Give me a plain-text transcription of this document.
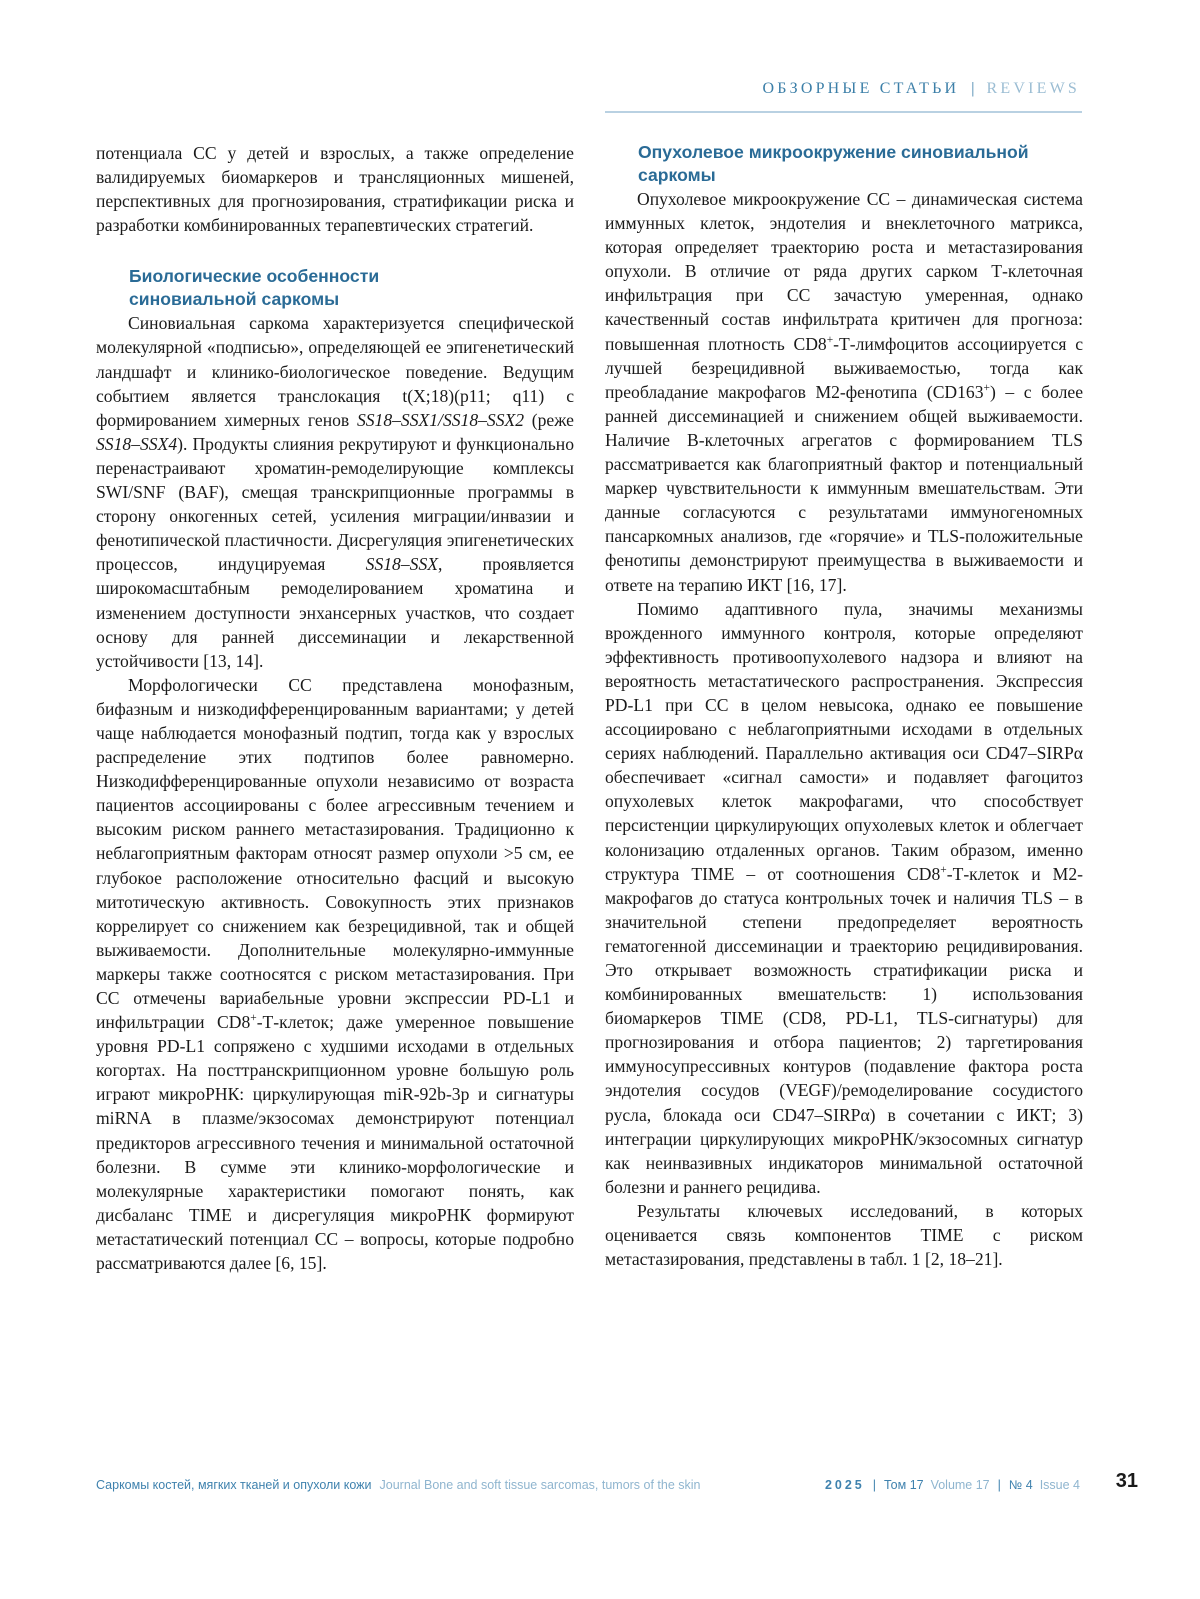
ОБЗОРНЫЕ СТАТЬИ | REVIEWS

потенциала СС у детей и взрослых, а также определение валидируемых биомаркеров и трансляционных мишеней, перспективных для прогнозирования, стратификации риска и разработки комбинированных терапевтических стратегий.

Биологические особенности
синовиальной саркомы

Синовиальная саркома характеризуется специфической молекулярной «подписью», определяющей ее эпигенетический ландшафт и клинико-биологическое поведение. Ведущим событием является транслокация t(X;18)(p11; q11) с формированием химерных генов SS18–SSX1/SS18–SSX2 (реже SS18–SSX4). Продукты слияния рекрутируют и функционально перенастраивают хроматин-ремоделирующие комплексы SWI/SNF (BAF), смещая транскрипционные программы в сторону онкогенных сетей, усиления миграции/инвазии и фенотипической пластичности. Дисрегуляция эпигенетических процессов, индуцируемая SS18–SSX, проявляется широкомасштабным ремоделированием хроматина и изменением доступности энхансерных участков, что создает основу для ранней диссеминации и лекарственной устойчивости [13, 14].

Морфологически СС представлена монофазным, бифазным и низкодифференцированным вариантами; у детей чаще наблюдается монофазный подтип, тогда как у взрослых распределение этих подтипов более равномерно. Низкодифференцированные опухоли независимо от возраста пациентов ассоциированы с более агрессивным течением и высоким риском раннего метастазирования. Традиционно к неблагоприятным факторам относят размер опухоли >5 см, ее глубокое расположение относительно фасций и высокую митотическую активность. Совокупность этих признаков коррелирует со снижением как безрецидивной, так и общей выживаемости. Дополнительные молекулярно-иммунные маркеры также соотносятся с риском метастазирования. При СС отмечены вариабельные уровни экспрессии PD-L1 и инфильтрации CD8+-Т-клеток; даже умеренное повышение уровня PD-L1 сопряжено с худшими исходами в отдельных когортах. На посттранскрипционном уровне большую роль играют микроРНК: циркулирующая miR-92b-3p и сигнатуры miRNA в плазме/экзосомах демонстрируют потенциал предикторов агрессивного течения и минимальной остаточной болезни. В сумме эти клинико-морфологические и молекулярные характеристики помогают понять, как дисбаланс TIME и дисрегуляция микроРНК формируют метастатический потенциал СС – вопросы, которые подробно рассматриваются далее [6, 15].

Опухолевое микроокружение синовиальной
саркомы

Опухолевое микроокружение СС – динамическая система иммунных клеток, эндотелия и внеклеточного матрикса, которая определяет траекторию роста и метастазирования опухоли. В отличие от ряда других сарком Т-клеточная инфильтрация при СС зачастую умеренная, однако качественный состав инфильтрата критичен для прогноза: повышенная плотность CD8+-Т-лимфоцитов ассоциируется с лучшей безрецидивной выживаемостью, тогда как преобладание макрофагов М2-фенотипа (CD163+) – с более ранней диссеминацией и снижением общей выживаемости. Наличие В-клеточных агрегатов с формированием TLS рассматривается как благоприятный фактор и потенциальный маркер чувствительности к иммунным вмешательствам. Эти данные согласуются с результатами иммуногеномных пансаркомных анализов, где «горячие» и TLS-положительные фенотипы демонстрируют преимущества в выживаемости и ответе на терапию ИКТ [16, 17].

Помимо адаптивного пула, значимы механизмы врожденного иммунного контроля, которые определяют эффективность противоопухолевого надзора и влияют на вероятность метастатического распространения. Экспрессия PD-L1 при СС в целом невысока, однако ее повышение ассоциировано с неблагоприятными исходами в отдельных сериях наблюдений. Параллельно активация оси CD47–SIRPα обеспечивает «сигнал самости» и подавляет фагоцитоз опухолевых клеток макрофагами, что способствует персистенции циркулирующих опухолевых клеток и облегчает колонизацию отдаленных органов. Таким образом, именно структура TIME – от соотношения CD8+-Т-клеток и М2-макрофагов до статуса контрольных точек и наличия TLS – в значительной степени предопределяет вероятность гематогенной диссеминации и траекторию рецидивирования. Это открывает возможность стратификации риска и комбинированных вмешательств: 1) использования биомаркеров TIME (CD8, PD-L1, TLS-сигнатуры) для прогнозирования и отбора пациентов; 2) таргетирования иммуносупрессивных контуров (подавление фактора роста эндотелия сосудов (VEGF)/ремоделирование сосудистого русла, блокада оси CD47–SIRPα) в сочетании с ИКТ; 3) интеграции циркулирующих микроРНК/экзосомных сигнатур как неинвазивных индикаторов минимальной остаточной болезни и раннего рецидива.

Результаты ключевых исследований, в которых оценивается связь компонентов TIME с риском метастазирования, представлены в табл. 1 [2, 18–21].

Саркомы костей, мягких тканей и опухоли кожи Journal Bone and soft tissue sarcomas, tumors of the skin	2025 | Том 17 Volume 17 | № 4 Issue 4 31
